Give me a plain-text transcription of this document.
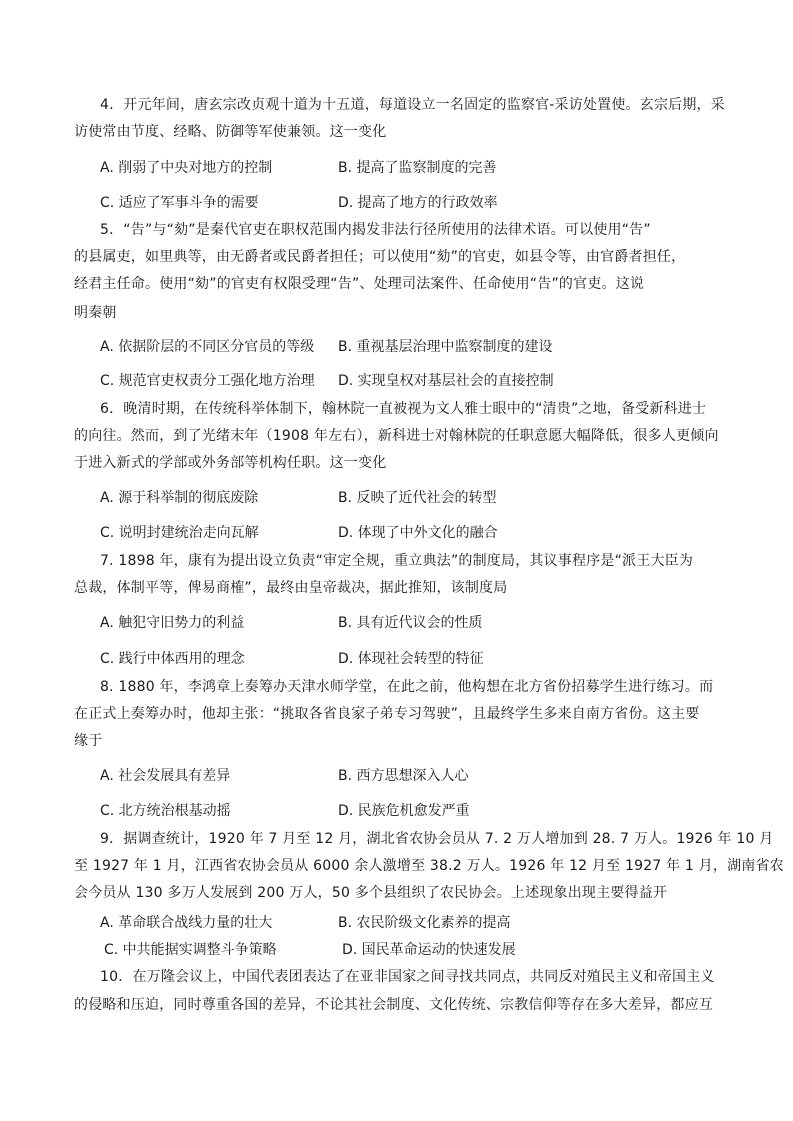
4．开元年间，唐玄宗改贞观十道为十五道，每道设立一名固定的监察官-采访处置使。玄宗后期，采
访使常由节度、经略、防御等军使兼领。这一变化
A. 削弱了中央对地方的控制	B. 提高了监察制度的完善
C. 适应了军事斗争的需要	D. 提高了地方的行政效率
5．“告”与“劾”是秦代官吏在职权范围内揭发非法行径所使用的法律术语。可以使用“告”
的县属吏，如里典等，由无爵者或民爵者担任；可以使用“劾”的官吏，如县令等，由官爵者担任，
经君主任命。使用“劾”的官吏有权限受理“告”、处理司法案件、任命使用“告”的官吏。这说
明秦朝
A. 依据阶层的不同区分官员的等级 B. 重视基层治理中监察制度的建设
C. 规范官吏权责分工强化地方治理 D. 实现皇权对基层社会的直接控制
6．晚清时期，在传统科举体制下，翰林院一直被视为文人雅士眼中的“清贵”之地，备受新科进士
的向往。然而，到了光绪末年（1908 年左右），新科进士对翰林院的任职意愿大幅降低，很多人更倾向
于进入新式的学部或外务部等机构任职。这一变化
A. 源于科举制的彻底废除	B. 反映了近代社会的转型
C. 说明封建统治走向瓦解	D. 体现了中外文化的融合
7. 1898 年，康有为提出设立负责“审定全规，重立典法”的制度局，其议事程序是“派王大臣为
总裁，体制平等，俾易商榷”，最终由皇帝裁决，据此推知，该制度局
A. 触犯守旧势力的利益	B. 具有近代议会的性质
C. 践行中体西用的理念	D. 体现社会转型的特征
8. 1880 年，李鸿章上奏筹办天津水师学堂，在此之前，他构想在北方省份招募学生进行练习。而
在正式上奏筹办时，他却主张：“挑取各省良家子弟专习驾驶”，且最终学生多来自南方省份。这主要
缘于
A. 社会发展具有差异	B. 西方思想深入人心
C. 北方统治根基动摇	D. 民族危机愈发严重
9．据调查统计，1920 年 7 月至 12 月，湖北省农协会员从 7. 2 万人增加到 28. 7 万人。1926 年 10 月
至 1927 年 1 月，江西省农协会员从 6000 余人激增至 38.2 万人。1926 年 12 月至 1927 年 1 月，湖南省农
会今员从 130 多万人发展到 200 万人，50 多个县组织了农民协会。上述现象出现主要得益开
A. 革命联合战线力量的壮大	B. 农民阶级文化素养的提高
C. 中共能据实调整斗争策略	D. 国民革命运动的快速发展
10．在万隆会议上，中国代表团表达了在亚非国家之间寻找共同点，共同反对殖民主义和帝国主义
的侵略和压迫，同时尊重各国的差异，不论其社会制度、文化传统、宗教信仰等存在多大差异，都应互
